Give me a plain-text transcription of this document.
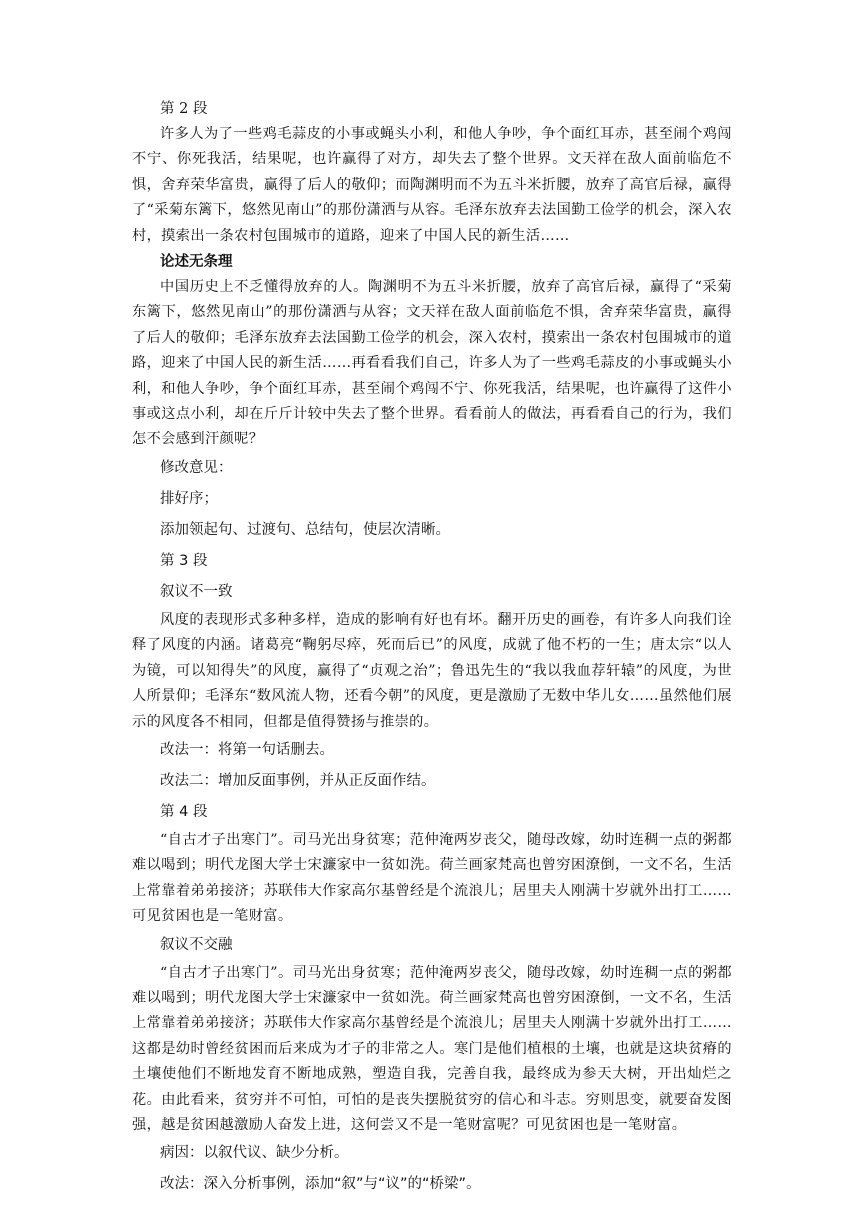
第 2 段

许多人为了一些鸡毛蒜皮的小事或蝇头小利，和他人争吵，争个面红耳赤，甚至闹个鸡闯不宁、你死我活，结果呢，也许赢得了对方，却失去了整个世界。文天祥在敌人面前临危不惧，舍弃荣华富贵，赢得了后人的敬仰；而陶渊明而不为五斗米折腰，放弃了高官后禄，赢得了“采菊东篱下，悠然见南山”的那份潇洒与从容。毛泽东放弃去法国勤工俭学的机会，深入农村，摸索出一条农村包围城市的道路，迎来了中国人民的新生活……

论述无条理

中国历史上不乏懂得放弃的人。陶渊明不为五斗米折腰，放弃了高官后禄，赢得了“采菊东篱下，悠然见南山”的那份潇洒与从容；文天祥在敌人面前临危不惧，舍弃荣华富贵，赢得了后人的敬仰；毛泽东放弃去法国勤工俭学的机会，深入农村，摸索出一条农村包围城市的道路，迎来了中国人民的新生活……再看看我们自己，许多人为了一些鸡毛蒜皮的小事或蝇头小利，和他人争吵，争个面红耳赤，甚至闹个鸡闯不宁、你死我活，结果呢，也许赢得了这件小事或这点小利，却在斤斤计较中失去了整个世界。看看前人的做法，再看看自己的行为，我们怎不会感到汗颜呢？

修改意见：

排好序；

添加领起句、过渡句、总结句，使层次清晰。

第 3 段

叙议不一致

风度的表现形式多种多样，造成的影响有好也有坏。翻开历史的画卷，有许多人向我们诠释了风度的内涵。诸葛亮“鞠躬尽瘁，死而后已”的风度，成就了他不朽的一生；唐太宗“以人为镜，可以知得失”的风度，赢得了“贞观之治”；鲁迅先生的“我以我血荐轩辕”的风度，为世人所景仰；毛泽东“数风流人物，还看今朝”的风度，更是激励了无数中华儿女……虽然他们展示的风度各不相同，但都是值得赞扬与推崇的。

改法一：将第一句话删去。

改法二：增加反面事例，并从正反面作结。

第 4 段

“自古才子出寒门”。司马光出身贫寒；范仲淹两岁丧父，随母改嫁，幼时连稠一点的粥都难以喝到；明代龙图大学士宋濂家中一贫如洗。荷兰画家梵高也曾穷困潦倒，一文不名，生活上常靠着弟弟接济；苏联伟大作家高尔基曾经是个流浪儿；居里夫人刚满十岁就外出打工……可见贫困也是一笔财富。

叙议不交融

“自古才子出寒门”。司马光出身贫寒；范仲淹两岁丧父，随母改嫁，幼时连稠一点的粥都难以喝到；明代龙图大学士宋濂家中一贫如洗。荷兰画家梵高也曾穷困潦倒，一文不名，生活上常靠着弟弟接济；苏联伟大作家高尔基曾经是个流浪儿；居里夫人刚满十岁就外出打工……这都是幼时曾经贫困而后来成为才子的非常之人。寒门是他们植根的土壤，也就是这块贫瘠的土壤使他们不断地发育不断地成熟，塑造自我，完善自我，最终成为参天大树，开出灿烂之花。由此看来，贫穷并不可怕，可怕的是丧失摆脱贫穷的信心和斗志。穷则思变，就要奋发图强，越是贫困越激励人奋发上进，这何尝又不是一笔财富呢？可见贫困也是一笔财富。

病因：以叙代议、缺少分析。

改法：深入分析事例，添加“叙”与“议”的“桥梁”。
